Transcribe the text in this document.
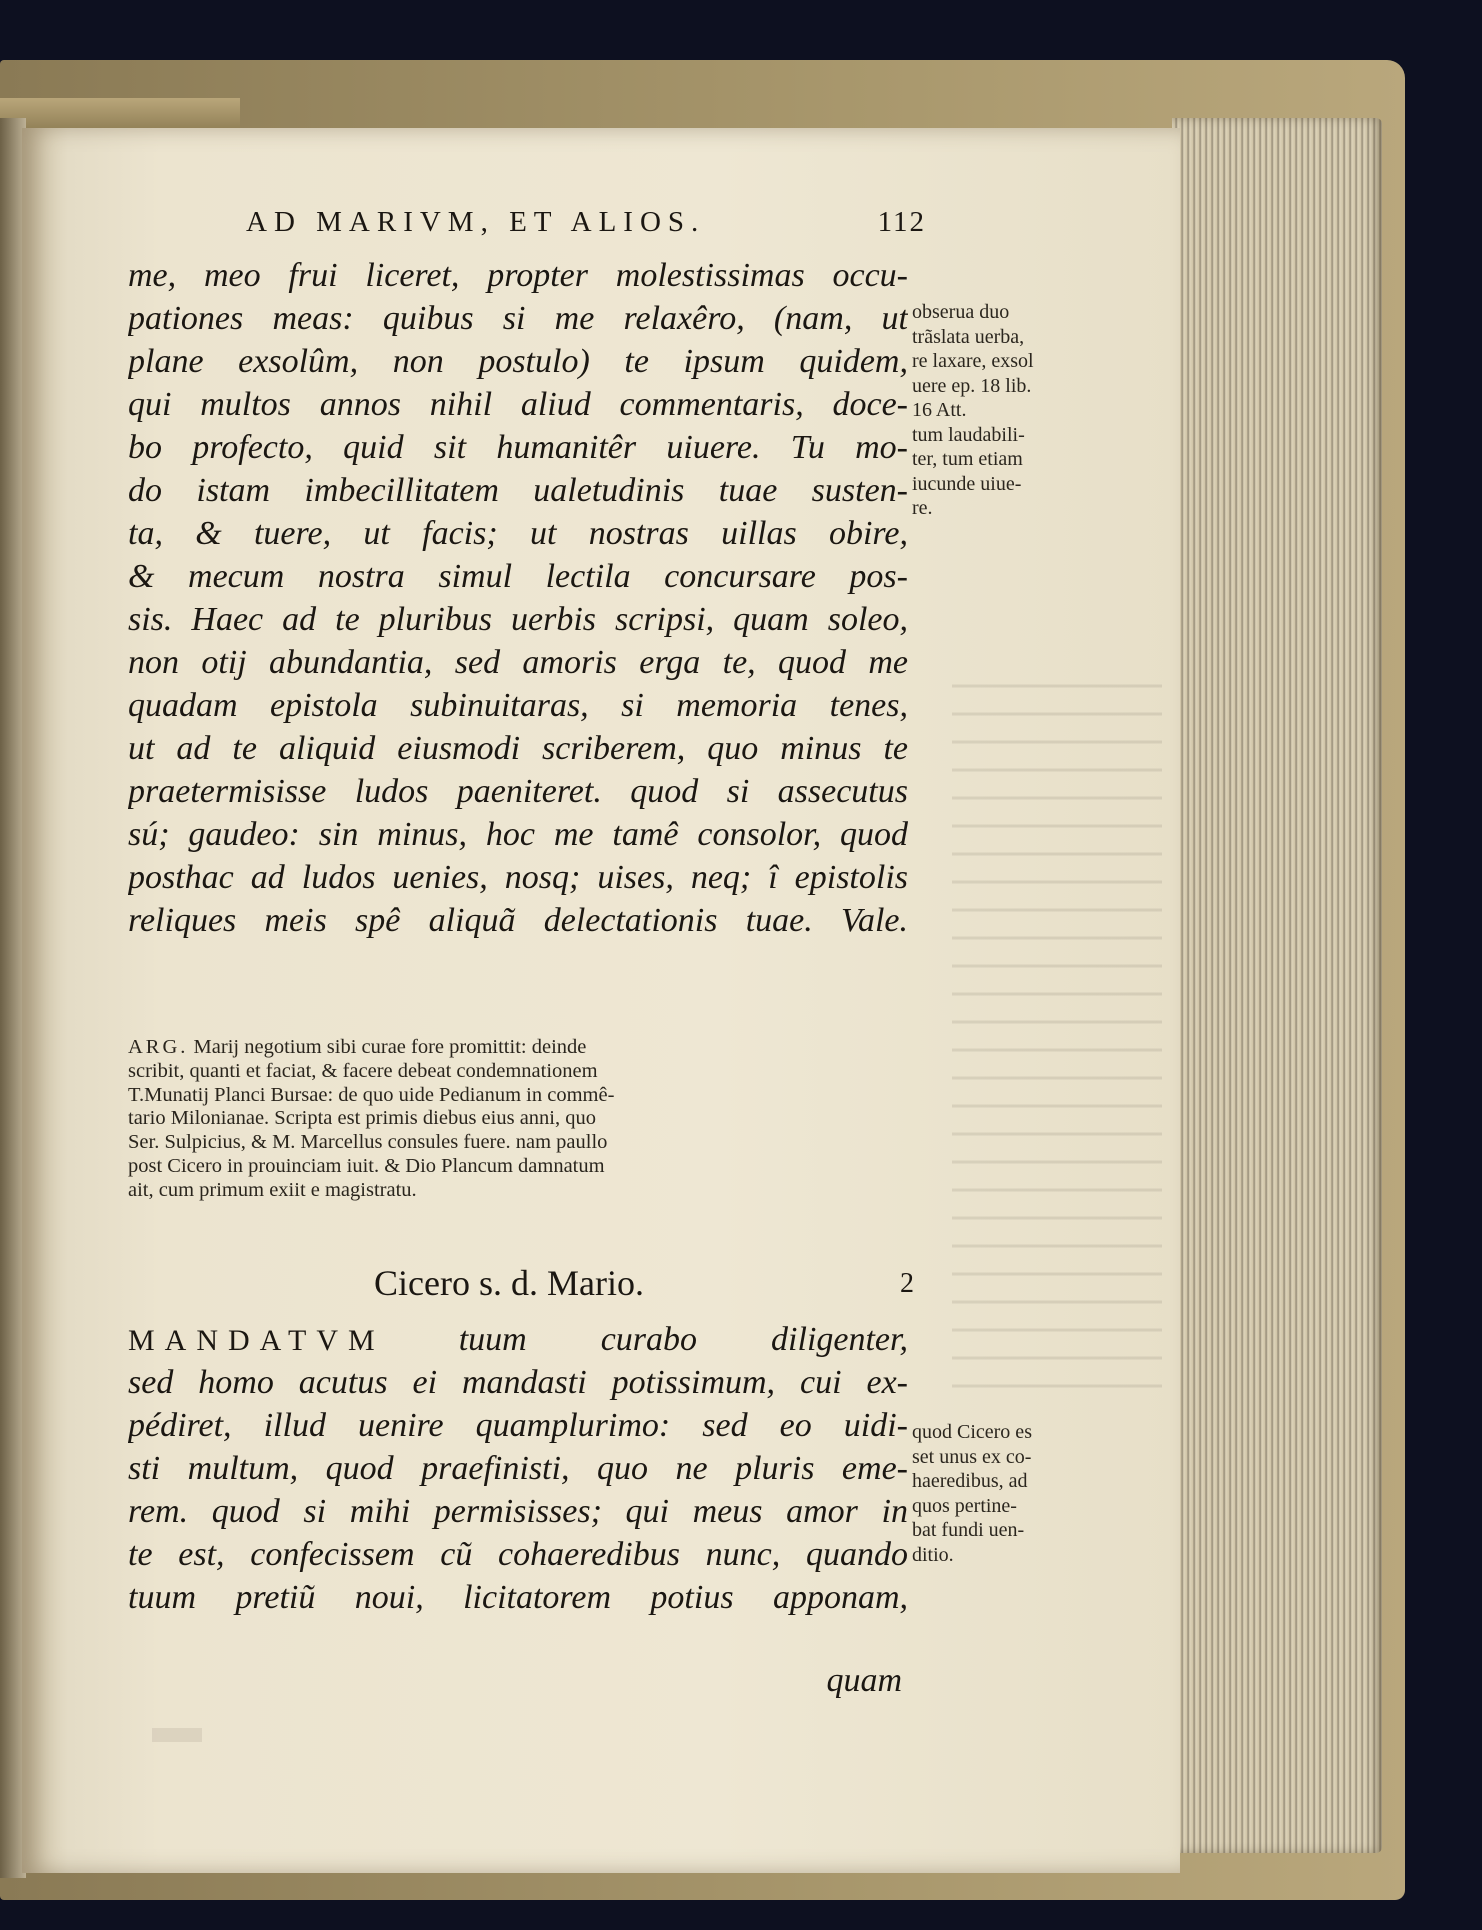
AD MARIVM, ET ALIOS.	112
me, meo frui liceret, propter molestissimas occu-
pationes meas: quibus si me relaxêro, (nam, ut
plane exsolûm, non postulo) te ipsum quidem,
qui multos annos nihil aliud commentaris, doce-
bo profecto, quid sit humanitêr uiuere. Tu mo-
do istam imbecillitatem ualetudinis tuae susten-
ta, & tuere, ut facis; ut nostras uillas obire,
& mecum nostra simul lectila concursare pos-
sis. Haec ad te pluribus uerbis scripsi, quam soleo,
non otij abundantia, sed amoris erga te, quod me
quadam epistola subinuitaras, si memoria tenes,
ut ad te aliquid eiusmodi scriberem, quo minus te
praetermisisse ludos paeniteret. quod si assecutus
sú; gaudeo: sin minus, hoc me tamê consolor, quod
posthac ad ludos uenies, nosq; uises, neq; î epistolis
reliques meis spê aliquã delectationis tuae. Vale.
ARG. Marij negotium sibi curae fore promittit: deinde
scribit, quanti et faciat, & facere debeat condemnationem
T.Munatij Planci Bursae: de quo uide Pedianum in commê-
tario Milonianae. Scripta est primis diebus eius anni, quo
Ser. Sulpicius, & M. Marcellus consules fuere. nam paullo
post Cicero in prouinciam iuit. & Dio Plancum damnatum
ait, cum primum exiit e magistratu.
Cicero s. d. Mario.	2
MANDATVM tuum curabo diligenter,
sed homo acutus ei mandasti potissimum, cui ex-
pédiret, illud uenire quamplurimo: sed eo uidi-
sti multum, quod praefinisti, quo ne pluris eme-
rem. quod si mihi permisisses; qui meus amor in
te est, confecissem cũ cohaeredibus nunc, quando
tuum pretiũ noui, licitatorem potius apponam,
quam
obserua duo
trãslata uerba,
re laxare, exsol
uere ep. 18 lib.
16 Att.
tum laudabili-
ter, tum etiam
iucunde uiue-
re.
quod Cicero es
set unus ex co-
haeredibus, ad
quos pertine-
bat fundi uen-
ditio.
